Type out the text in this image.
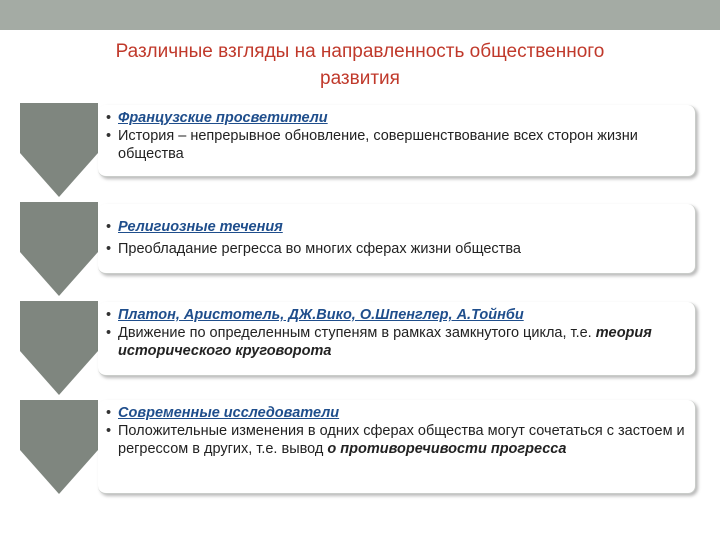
Различные взгляды на направленность общественного
развития
• Французские просветители
• История – непрерывное обновление, совершенствование всех сторон жизни общества
• Религиозные течения
• Преобладание регресса во многих сферах жизни общества
• Платон, Аристотель, ДЖ.Вико, О.Шпенглер, А.Тойнби
• Движение по определенным ступеням в рамках замкнутого цикла, т.е. теория исторического круговорота
• Современные исследователи
• Положительные изменения в одних сферах общества могут сочетаться с застоем и регрессом в других, т.е. вывод о противоречивости прогресса
